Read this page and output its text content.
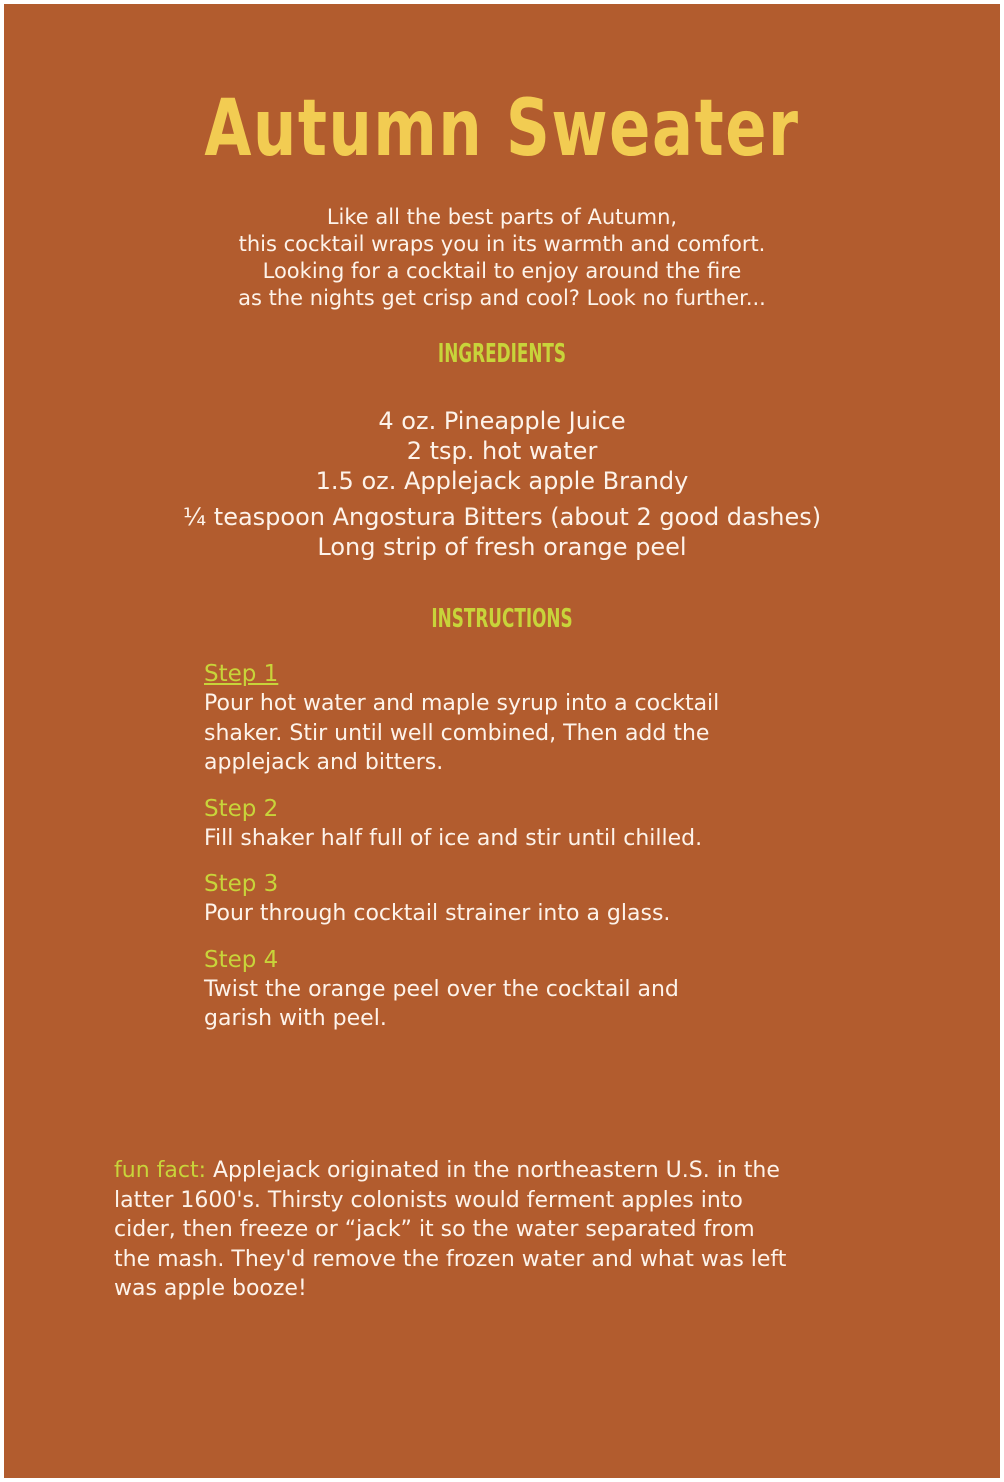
Autumn Sweater
Like all the best parts of Autumn,
this cocktail wraps you in its warmth and comfort.
Looking for a cocktail to enjoy around the fire
as the nights get crisp and cool? Look no further...
INGREDIENTS
4 oz. Pineapple Juice
2 tsp. hot water
1.5 oz. Applejack apple Brandy
¼ teaspoon Angostura Bitters (about 2 good dashes)
Long strip of fresh orange peel
INSTRUCTIONS
Step 1
Pour hot water and maple syrup into a cocktail
shaker. Stir until well combined, Then add the
applejack and bitters.
Step 2
Fill shaker half full of ice and stir until chilled.
Step 3
Pour through cocktail strainer into a glass.
Step 4
Twist the orange peel over the cocktail and
garish with peel.

fun fact: Applejack originated in the northeastern U.S. in the
latter 1600's. Thirsty colonists would ferment apples into
cider, then freeze or “jack” it so the water separated from
the mash. They'd remove the frozen water and what was left
was apple booze!
